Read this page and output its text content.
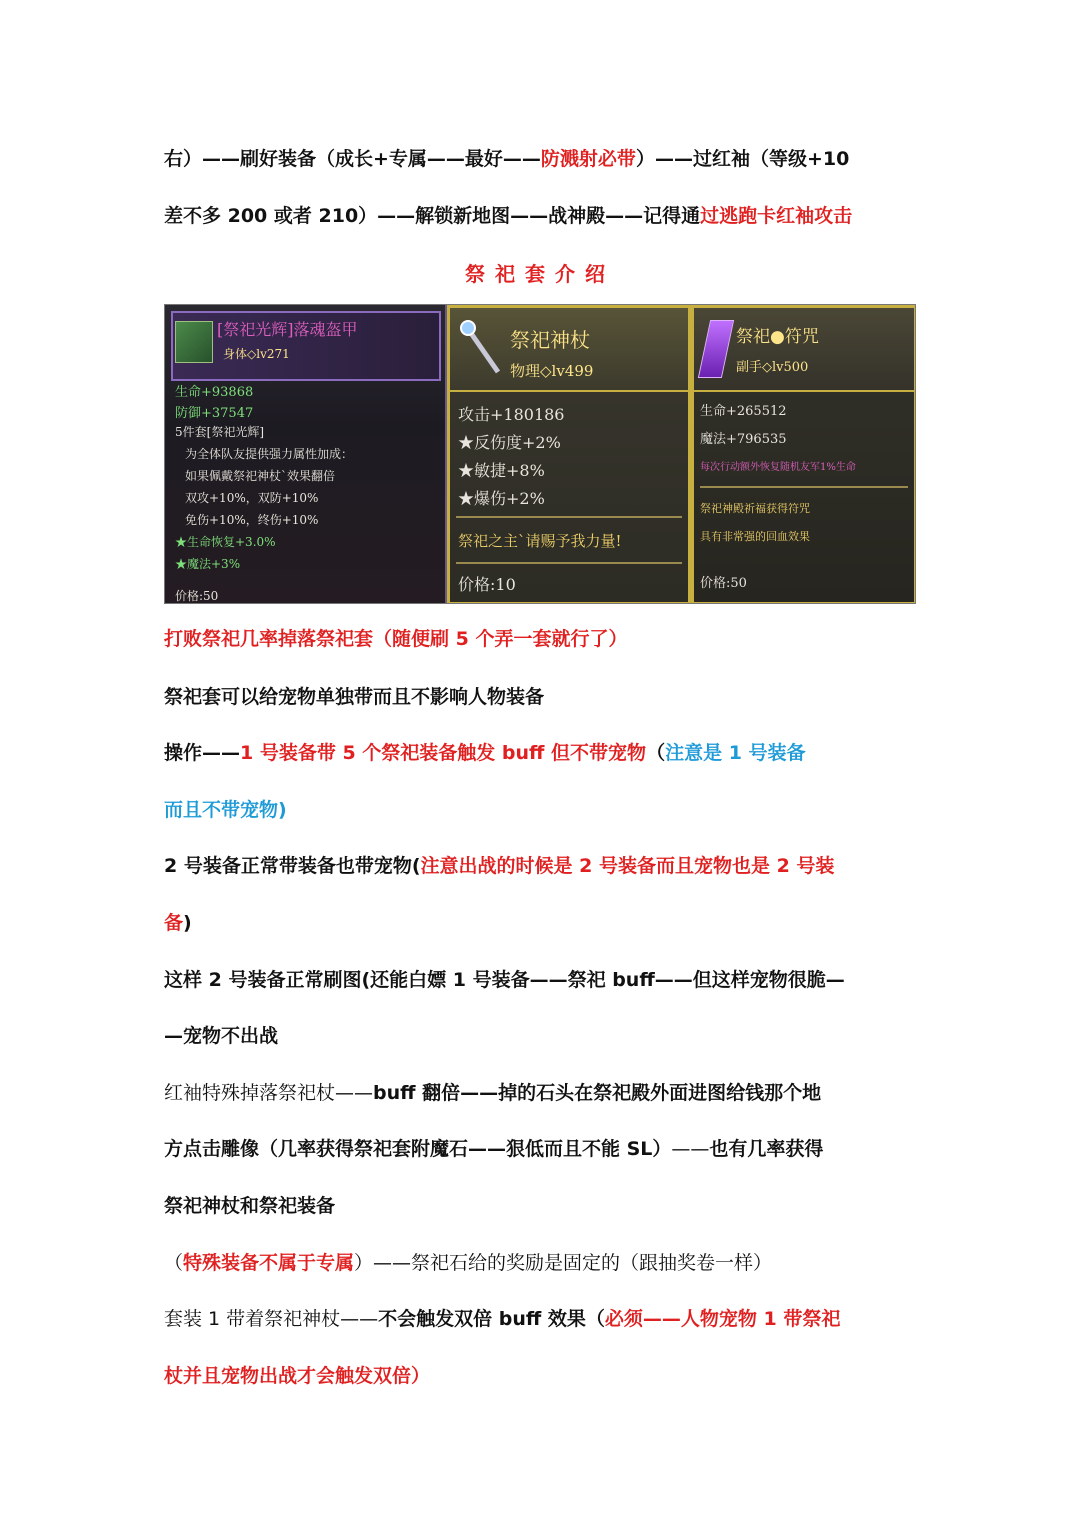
右）——刷好装备（成长+专属——最好——防溅射必带）——过红袖（等级+10
差不多 200 或者 210）——解锁新地图——战神殿——记得通过逃跑卡红袖攻击
祭祀套介绍
[祭祀光辉]落魂盔甲
身体◇lv271
生命+93868
防御+37547
5件套[祭祀光辉]
为全体队友提供强力属性加成：
如果佩戴祭祀神杖`效果翻倍
双攻+10%，双防+10%
免伤+10%，终伤+10%
★生命恢复+3.0%
★魔法+3%
价格:50
祭祀神杖
物理◇lv499
攻击+180186
★反伤度+2%
★敏捷+8%
★爆伤+2%
祭祀之主`请赐予我力量!
价格:10
祭祀●符咒
副手◇lv500
生命+265512
魔法+796535
每次行动额外恢复随机友军1%生命
祭祀神殿祈福获得符咒
具有非常强的回血效果
价格:50
打败祭祀几率掉落祭祀套（随便刷 5 个弄一套就行了）
祭祀套可以给宠物单独带而且不影响人物装备
操作——1 号装备带 5 个祭祀装备触发 buff 但不带宠物（注意是 1 号装备
而且不带宠物)
2 号装备正常带装备也带宠物(注意出战的时候是 2 号装备而且宠物也是 2 号装
备)
这样 2 号装备正常刷图(还能白嫖 1 号装备——祭祀 buff——但这样宠物很脆—
—宠物不出战
红袖特殊掉落祭祀杖——buff 翻倍——掉的石头在祭祀殿外面进图给钱那个地
方点击雕像（几率获得祭祀套附魔石——狠低而且不能 SL）——也有几率获得
祭祀神杖和祭祀装备
（特殊装备不属于专属）——祭祀石给的奖励是固定的（跟抽奖卷一样）
套装 1 带着祭祀神杖——不会触发双倍 buff 效果（必须——人物宠物 1 带祭祀
杖并且宠物出战才会触发双倍）
